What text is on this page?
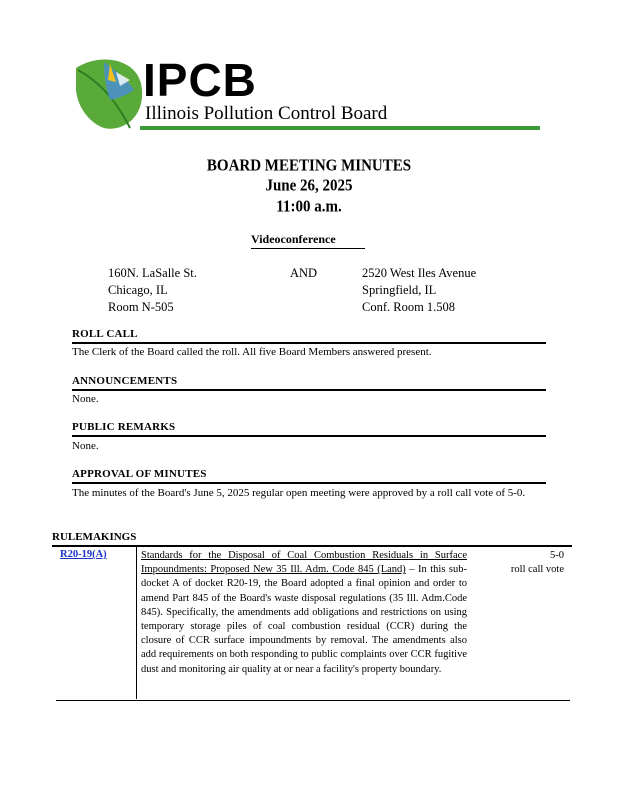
IPCB
Illinois Pollution Control Board
BOARD MEETING MINUTES
June 26, 2025
11:00 a.m.
Videoconference
160N. LaSalle St.
Chicago, IL
Room N-505
AND	2520 West Iles Avenue
Springfield, IL
Conf. Room 1.508
ROLL CALL
The Clerk of the Board called the roll. All five Board Members answered present.
ANNOUNCEMENTS
None.
PUBLIC REMARKS
None.
APPROVAL OF MINUTES
The minutes of the Board's June 5, 2025 regular open meeting were approved by a roll call vote of 5-0.
RULEMAKINGS
R20-19(A)	Standards for the Disposal of Coal Combustion Residuals in Surface Impoundments: Proposed New 35 Ill. Adm. Code 845 (Land) – In this sub-docket A of docket R20-19, the Board adopted a final opinion and order to amend Part 845 of the Board's waste disposal regulations (35 Ill. Adm.Code 845). Specifically, the amendments add obligations and restrictions on using temporary storage piles of coal combustion residual (CCR) during the closure of CCR surface impoundments by removal. The amendments also add requirements on both responding to public complaints over CCR fugitive dust and monitoring air quality at or near a facility's property boundary.
5-0
roll call vote
